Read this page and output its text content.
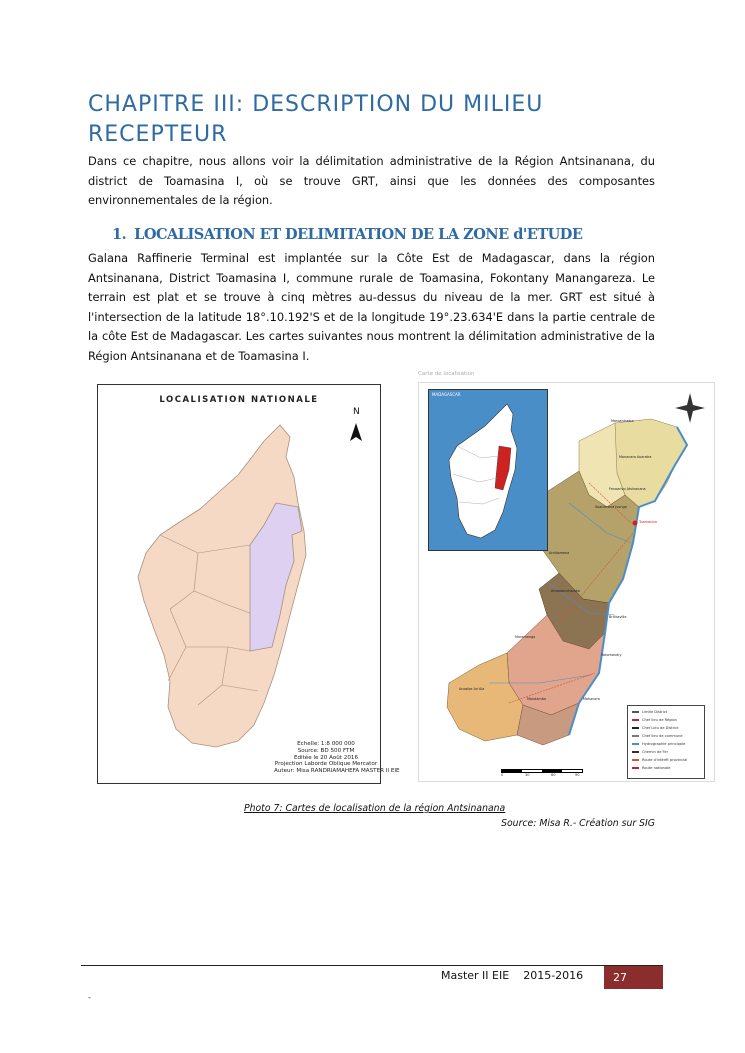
CHAPITRE III: DESCRIPTION DU MILIEU
RECEPTEUR

Dans ce chapitre, nous allons voir la délimitation administrative de la Région Antsinanana, du district de Toamasina I, où se trouve GRT, ainsi que les données des composantes environnementales de la région.

1. LOCALISATION ET DELIMITATION DE LA ZONE d'ETUDE

Galana Raffinerie Terminal est implantée sur la Côte Est de Madagascar, dans la région Antsinanana, District Toamasina I, commune rurale de Toamasina, Fokontany Manangareza. Le terrain est plat et se trouve à cinq mètres au-dessus du niveau de la mer. GRT est situé à l'intersection de la latitude 18°.10.192'S et de la longitude 19°.23.634'E dans la partie centrale de la côte Est de Madagascar. Les cartes suivantes nous montrent la délimitation administrative de la Région Antsinanana et de Toamasina I.

LOCALISATION NATIONALE
N
Echelle: 1:8 000 000
Source: BD 500 FTM
Editée le 20 Août 2016
Projection Laborde Oblique Mercator
Auteur: Misa RANDRIAMAHEFA MASTER II EIE
Carte de localisation
MADAGASCAR
Maroantsetra
Mananara Avaratra
Fenoarivo Atsinanana
Soanierana Ivongo
Toamasina
Andilamena
Ambatondrazaka
Brickaville
Moramanga
Vatomandry
Anosibe An'Ala
Marolambo	Mahanoro
Limite District
Chef lieu de Région
Chef Lieu de District
Chef lieu de commune
Hydrographie principale
Chemin de Fer
Route d'intérêt provincial
Route nationale
0	30	60	90
Photo 7: Cartes de localisation de la région Antsinanana
Source: Misa R.- Création sur SIG
Master II EIE 2015-2016	27
-
